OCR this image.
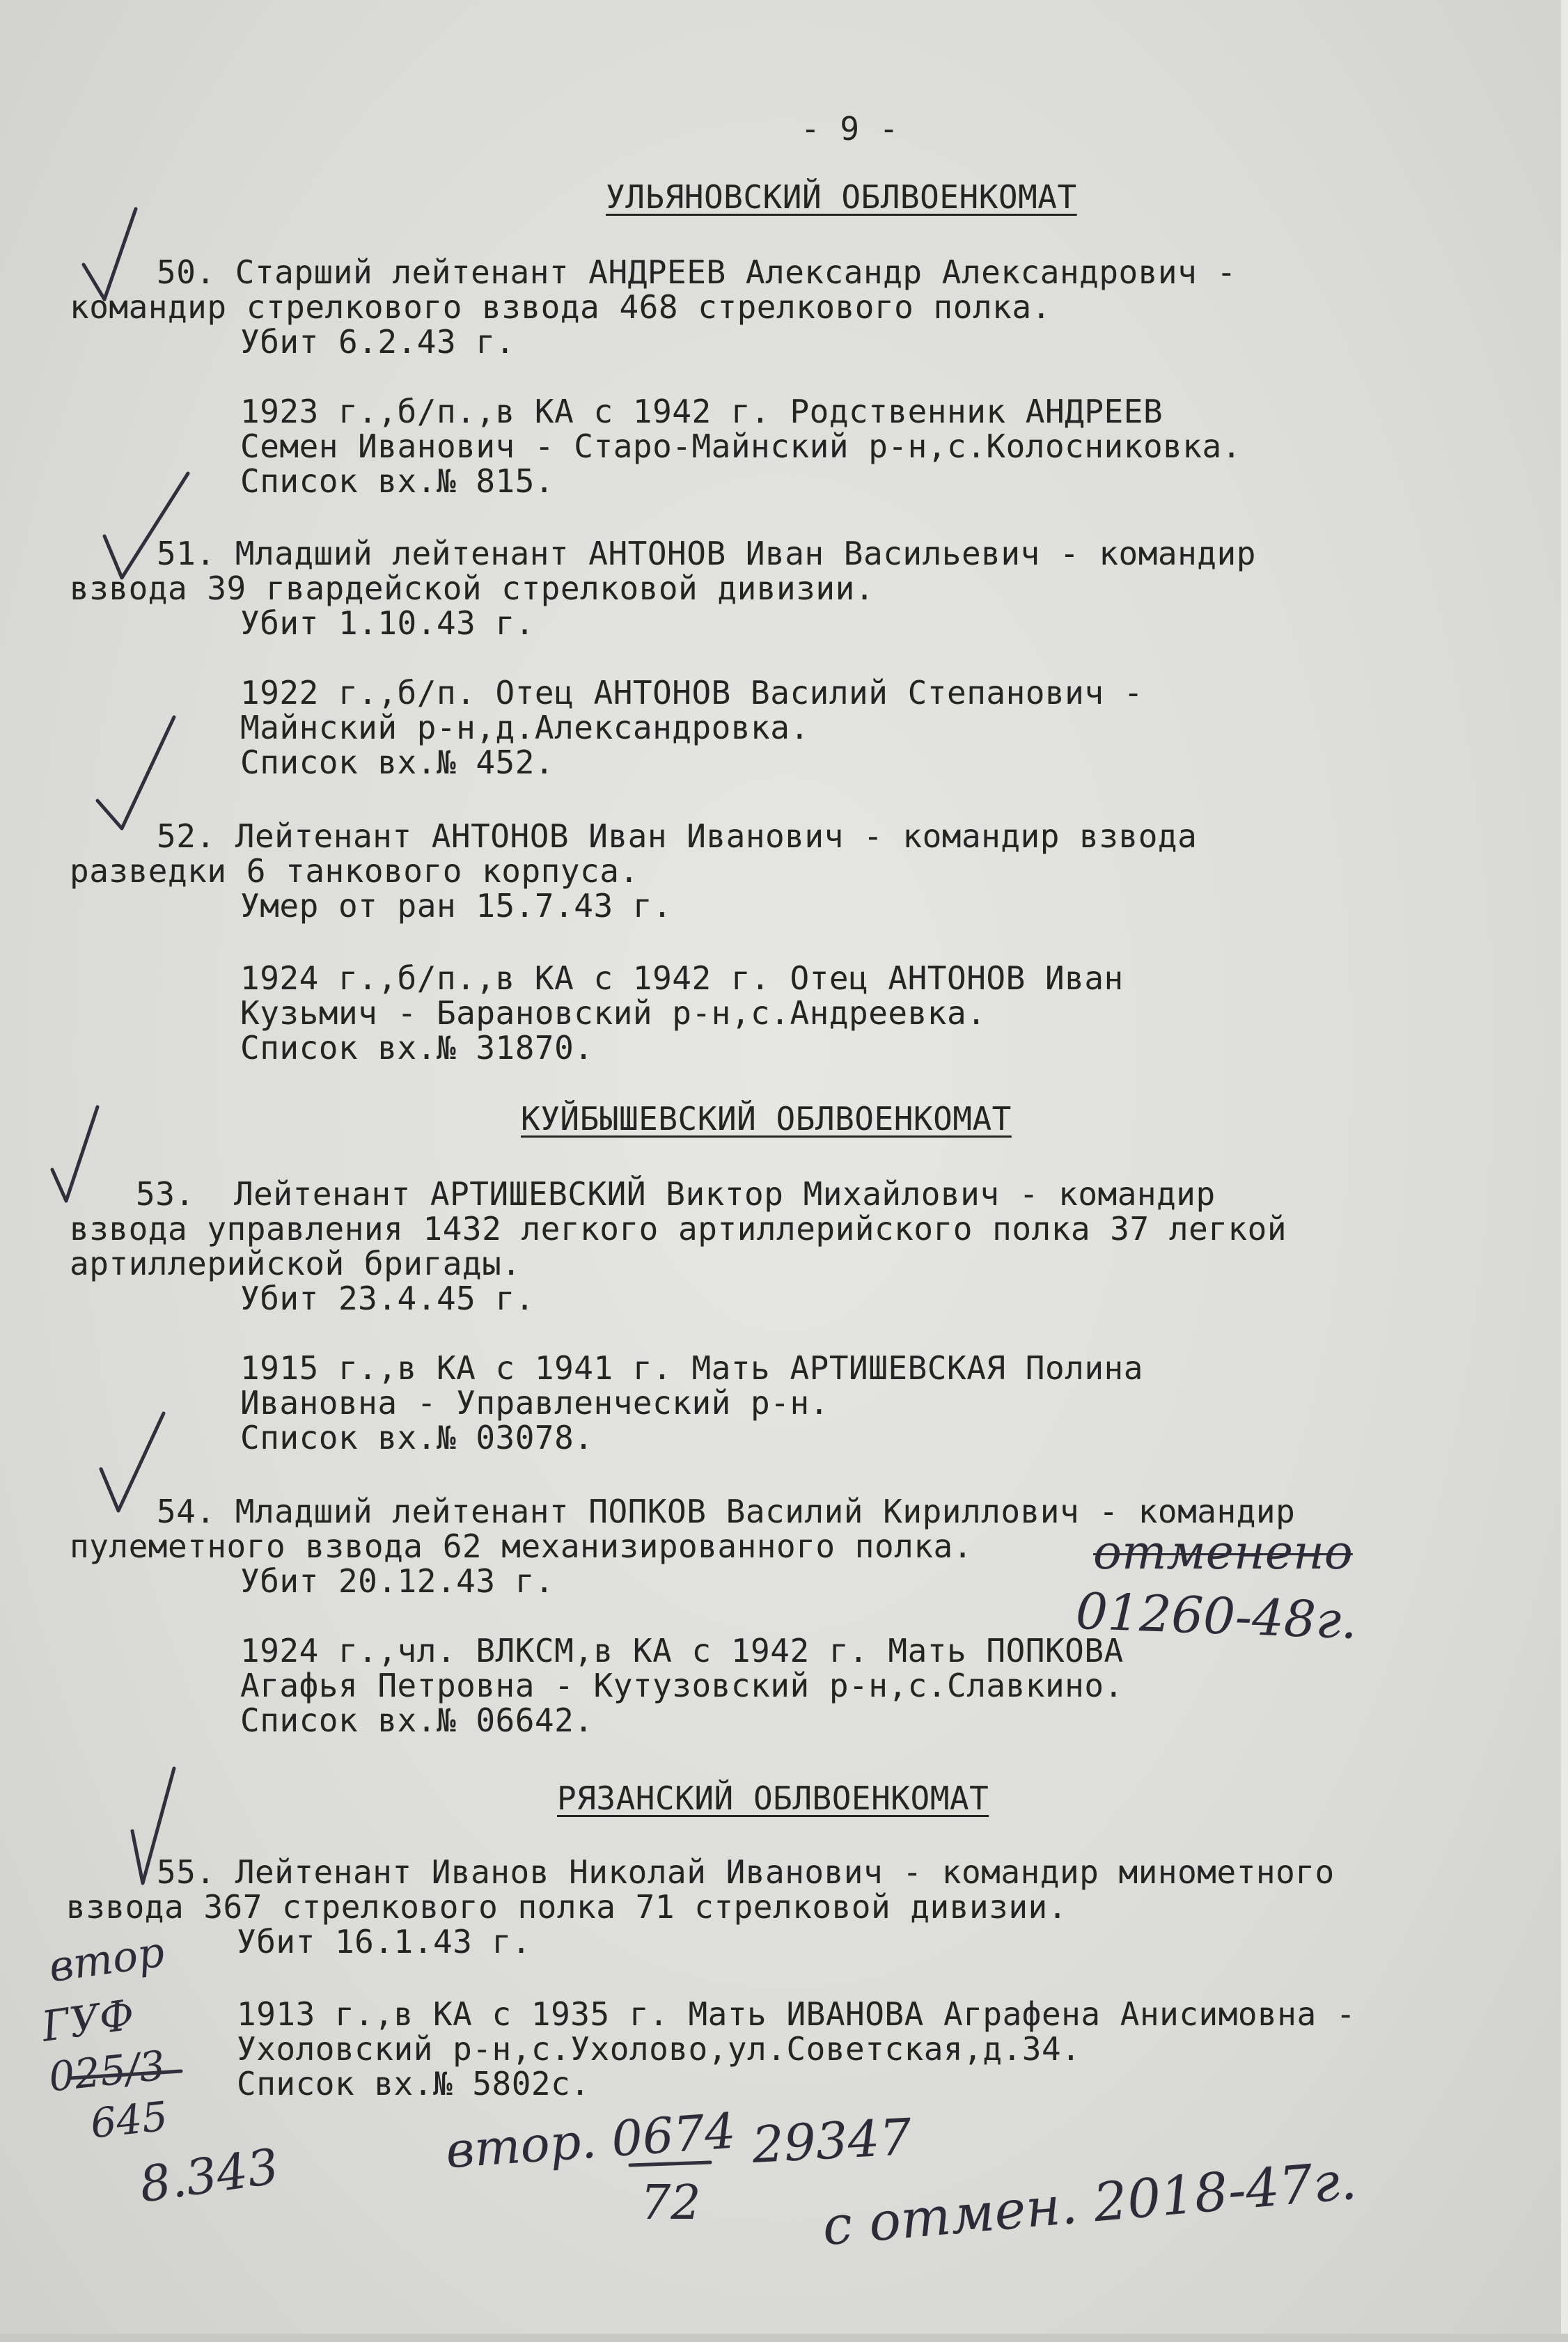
- 9 -
УЛЬЯНОВСКИЙ ОБЛВОЕНКОМАТ
50. Старший лейтенант АНДРЕЕВ Александр Александрович -
командир стрелкового взвода 468 стрелкового полка.
Убит 6.2.43 г.
1923 г.,б/п.,в КА с 1942 г. Родственник АНДРЕЕВ
Семен Иванович - Старо-Майнский р-н,с.Колосниковка.
Список вх.№ 815.
51. Младший лейтенант АНТОНОВ Иван Васильевич - командир
взвода 39 гвардейской стрелковой дивизии.
Убит 1.10.43 г.
1922 г.,б/п. Отец АНТОНОВ Василий Степанович -
Майнский р-н,д.Александровка.
Список вх.№ 452.
52. Лейтенант АНТОНОВ Иван Иванович - командир взвода
разведки 6 танкового корпуса.
Умер от ран 15.7.43 г.
1924 г.,б/п.,в КА с 1942 г. Отец АНТОНОВ Иван
Кузьмич - Барановский р-н,с.Андреевка.
Список вх.№ 31870.
КУЙБЫШЕВСКИЙ ОБЛВОЕНКОМАТ
53.  Лейтенант АРТИШЕВСКИЙ Виктор Михайлович - командир
взвода управления 1432 легкого артиллерийского полка 37 легкой
артиллерийской бригады.
Убит 23.4.45 г.
1915 г.,в КА с 1941 г. Мать АРТИШЕВСКАЯ Полина
Ивановна - Управленческий р-н.
Список вх.№ 03078.
54. Младший лейтенант ПОПКОВ Василий Кириллович - командир
пулеметного взвода 62 механизированного полка.
Убит 20.12.43 г.
1924 г.,чл. ВЛКСМ,в КА с 1942 г. Мать ПОПКОВА
Агафья Петровна - Кутузовский р-н,с.Славкино.
Список вх.№ 06642.
РЯЗАНСКИЙ ОБЛВОЕНКОМАТ
55. Лейтенант Иванов Николай Иванович - командир минометного
взвода 367 стрелкового полка 71 стрелковой дивизии.
Убит 16.1.43 г.
1913 г.,в КА с 1935 г. Мать ИВАНОВА Аграфена Анисимовна -
Ухоловский р-н,с.Ухолово,ул.Советская,д.34.
Список вх.№ 5802с.
отменено
01260-48г.
втор
ГУФ
025/3
645
8.343	втор. 0674
72
29347
с отмен. 2018-47г.
